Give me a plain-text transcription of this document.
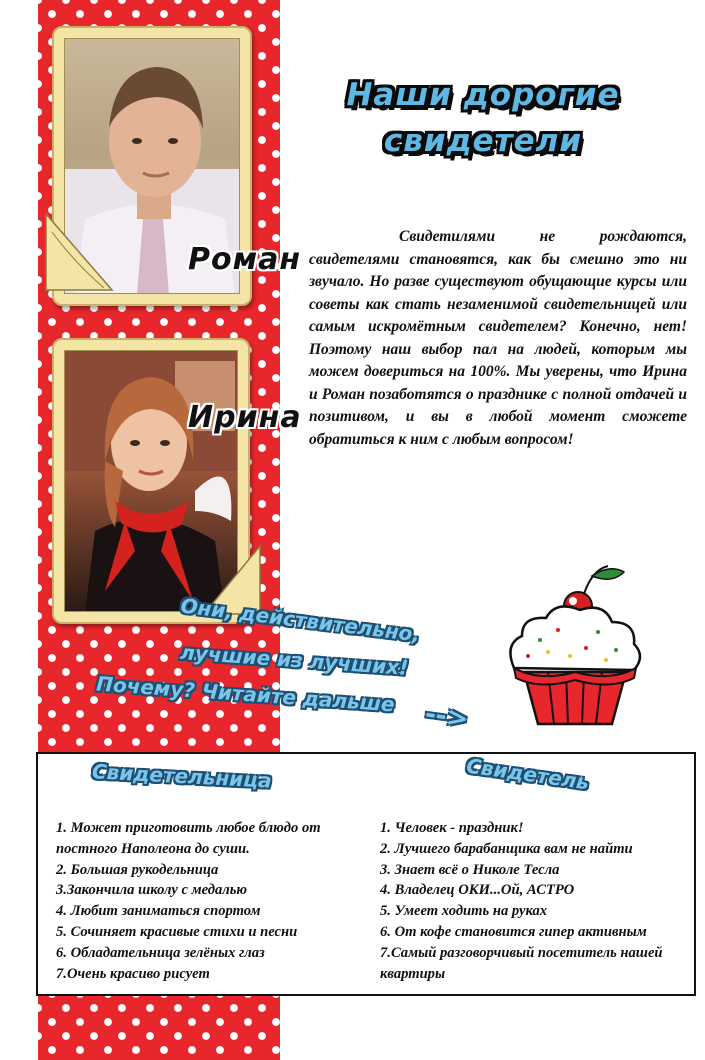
Роман
Ирина
Наши дорогие
свидетели
Свидетилями не рождаются, свидетелями становятся, как бы смешно это ни звучало. Но разве существуют обущающие курсы или советы как стать незаменимой свидетельницей или самым искромётным свидетелем? Конечно, нет! Поэтому наш выбор пал на людей, которым мы можем довериться на 100%. Мы уверены, что Ирина и Роман позаботятся о празднике с полной отдачей и позитивом, и вы в любой момент сможете обратиться к ним с любым вопросом!
Они, действительно,
лучшие из лучших!
Почему? Читайте дальше
-->
Свидетельница	Свидетель
1. Может приготовить любое блюдо от постного Наполеона до суши.
2. Большая рукодельница
3.Закончила школу с медалью
4. Любит заниматься спортом
5. Сочиняет красивые стихи и песни
6. Обладательница зелёных глаз
7.Очень красиво рисует
1. Человек - праздник!
2. Лучшего барабанщика вам не найти
3. Знает всё о Николе Тесла
4. Владелец ОКИ...Ой, АСТРО
5. Умеет ходить на руках
6. От кофе становится гипер активным
7.Самый разговорчивый посетитель нашей квартиры
